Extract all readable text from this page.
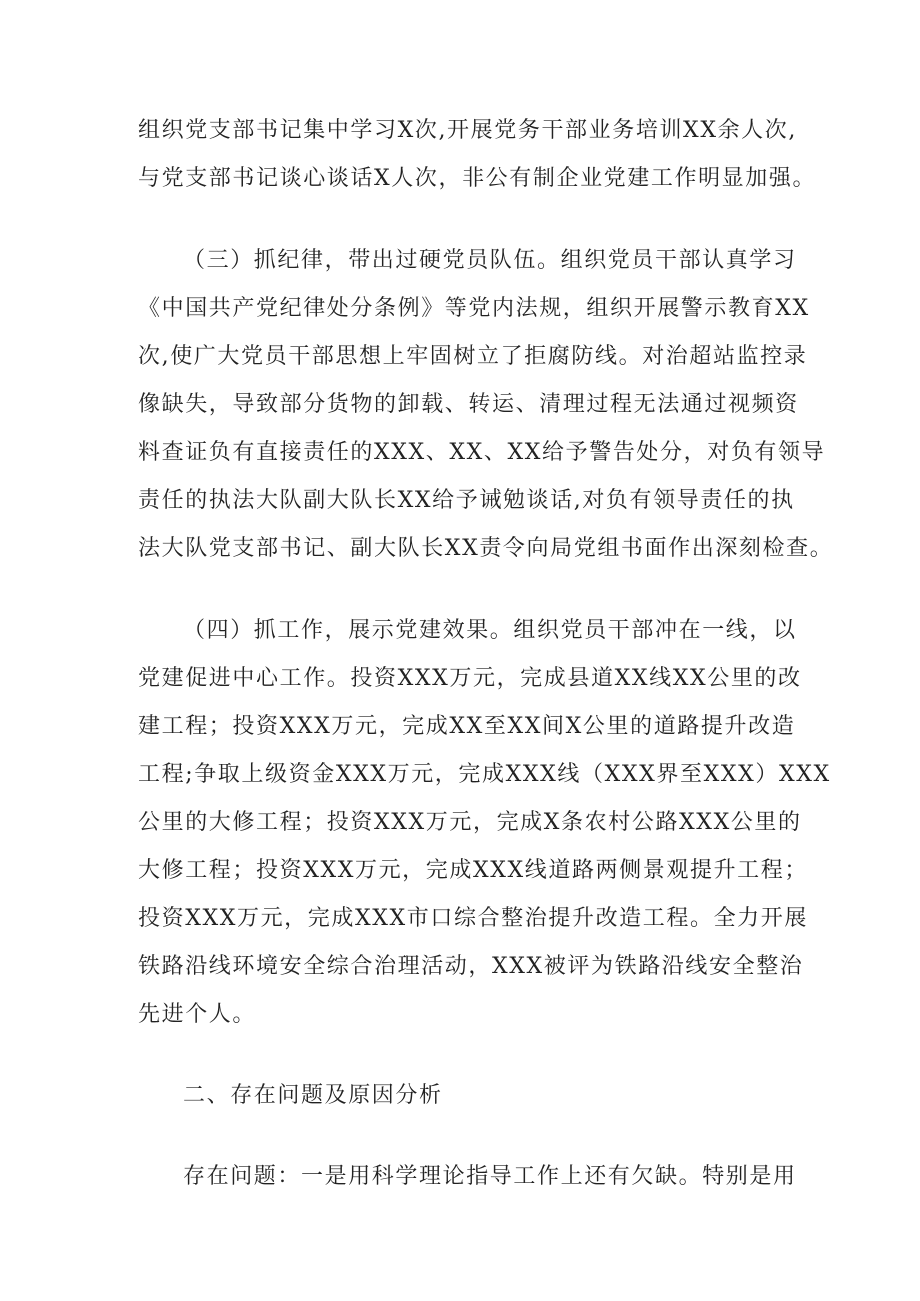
组织党支部书记集中学习X次,开展党务干部业务培训XX余人次,
与党支部书记谈心谈话X人次，非公有制企业党建工作明显加强。
（三）抓纪律，带出过硬党员队伍。组织党员干部认真学习
《中国共产党纪律处分条例》等党内法规，组织开展警示教育XX
次,使广大党员干部思想上牢固树立了拒腐防线。对治超站监控录
像缺失，导致部分货物的卸载、转运、清理过程无法通过视频资
料查证负有直接责任的XXX、XX、XX给予警告处分，对负有领导
责任的执法大队副大队长XX给予诫勉谈话,对负有领导责任的执
法大队党支部书记、副大队长XX责令向局党组书面作出深刻检查。
（四）抓工作，展示党建效果。组织党员干部冲在一线，以
党建促进中心工作。投资XXX万元，完成县道XX线XX公里的改
建工程；投资XXX万元，完成XX至XX间X公里的道路提升改造
工程;争取上级资金XXX万元，完成XXX线（XXX界至XXX）XXX
公里的大修工程；投资XXX万元，完成X条农村公路XXX公里的
大修工程；投资XXX万元，完成XXX线道路两侧景观提升工程；
投资XXX万元，完成XXX市口综合整治提升改造工程。全力开展
铁路沿线环境安全综合治理活动，XXX被评为铁路沿线安全整治
先进个人。
二、存在问题及原因分析
存在问题：一是用科学理论指导工作上还有欠缺。特别是用
